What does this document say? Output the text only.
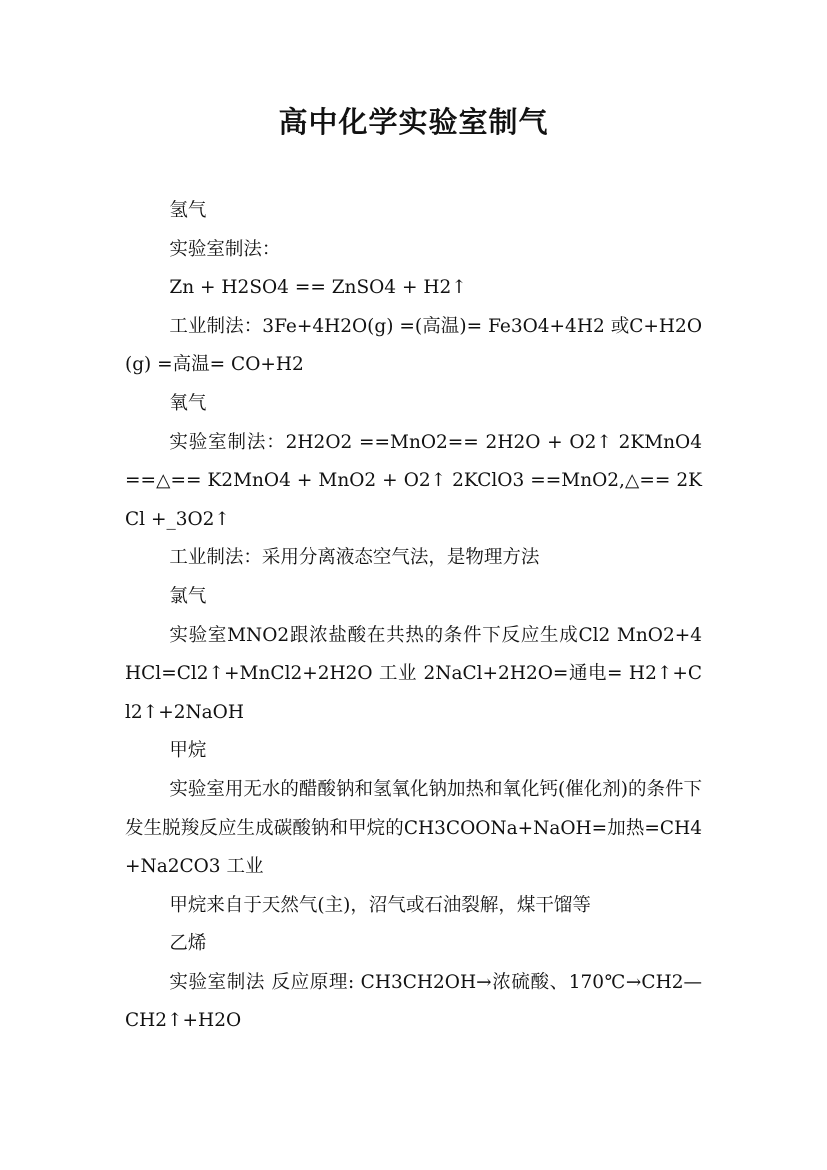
高中化学实验室制气

氢气

实验室制法：

Zn + H2SO4 == ZnSO4 + H2↑

工业制法：3Fe+4H2O(g) =(高温)= Fe3O4+4H2 或C+H2O(g) =高温= CO+H2

氧气

实验室制法：2H2O2 ==MnO2== 2H2O + O2↑ 2KMnO4 ==△== K2MnO4 + MnO2 + O2↑ 2KClO3 ==MnO2,△== 2KCl +_3O2↑

工业制法：采用分离液态空气法，是物理方法

氯气

实验室MNO2跟浓盐酸在共热的条件下反应生成Cl2 MnO2+4HCl=Cl2↑+MnCl2+2H2O 工业 2NaCl+2H2O=通电= H2↑+Cl2↑+2NaOH

甲烷

实验室用无水的醋酸钠和氢氧化钠加热和氧化钙(催化剂)的条件下发生脱羧反应生成碳酸钠和甲烷的CH3COONa+NaOH=加热=CH4+Na2CO3 工业

甲烷来自于天然气(主)，沼气或石油裂解，煤干馏等

乙烯

实验室制法 反应原理: CH3CH2OH→浓硫酸、170℃→CH2—CH2↑+H2O
